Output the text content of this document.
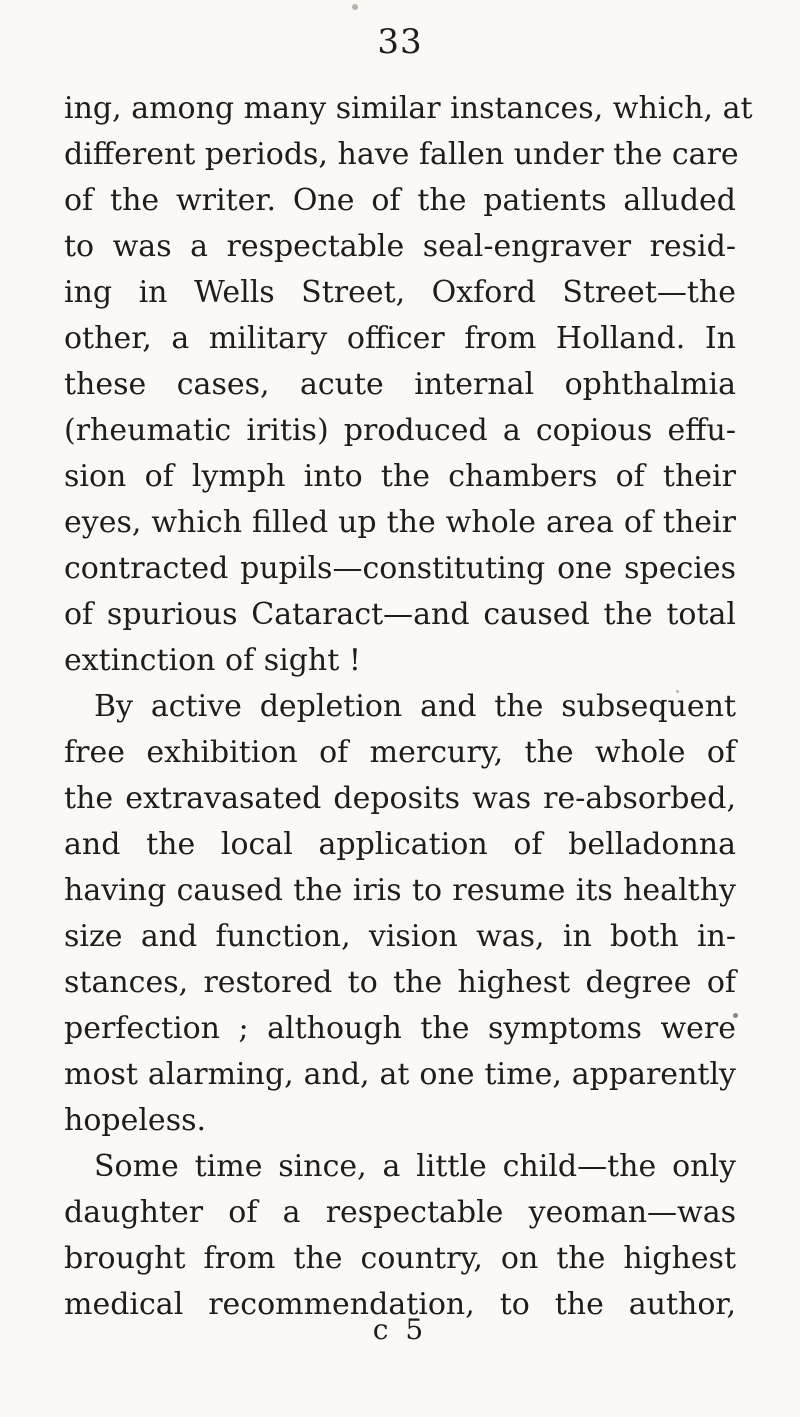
33
ing, among many similar instances, which, at
different periods, have fallen under the care
of the writer. One of the patients alluded
to was a respectable seal-engraver resid-
ing in Wells Street, Oxford Street—the
other, a military officer from Holland. In
these cases, acute internal ophthalmia
(rheumatic iritis) produced a copious effu-
sion of lymph into the chambers of their
eyes, which filled up the whole area of their
contracted pupils—constituting one species
of spurious Cataract—and caused the total
extinction of sight !
By active depletion and the subsequent
free exhibition of mercury, the whole of
the extravasated deposits was re-absorbed,
and the local application of belladonna
having caused the iris to resume its healthy
size and function, vision was, in both in-
stances, restored to the highest degree of
perfection ; although the symptoms were
most alarming, and, at one time, apparently
hopeless.
Some time since, a little child—the only
daughter of a respectable yeoman—was
brought from the country, on the highest
medical recommendation, to the author,
c 5
